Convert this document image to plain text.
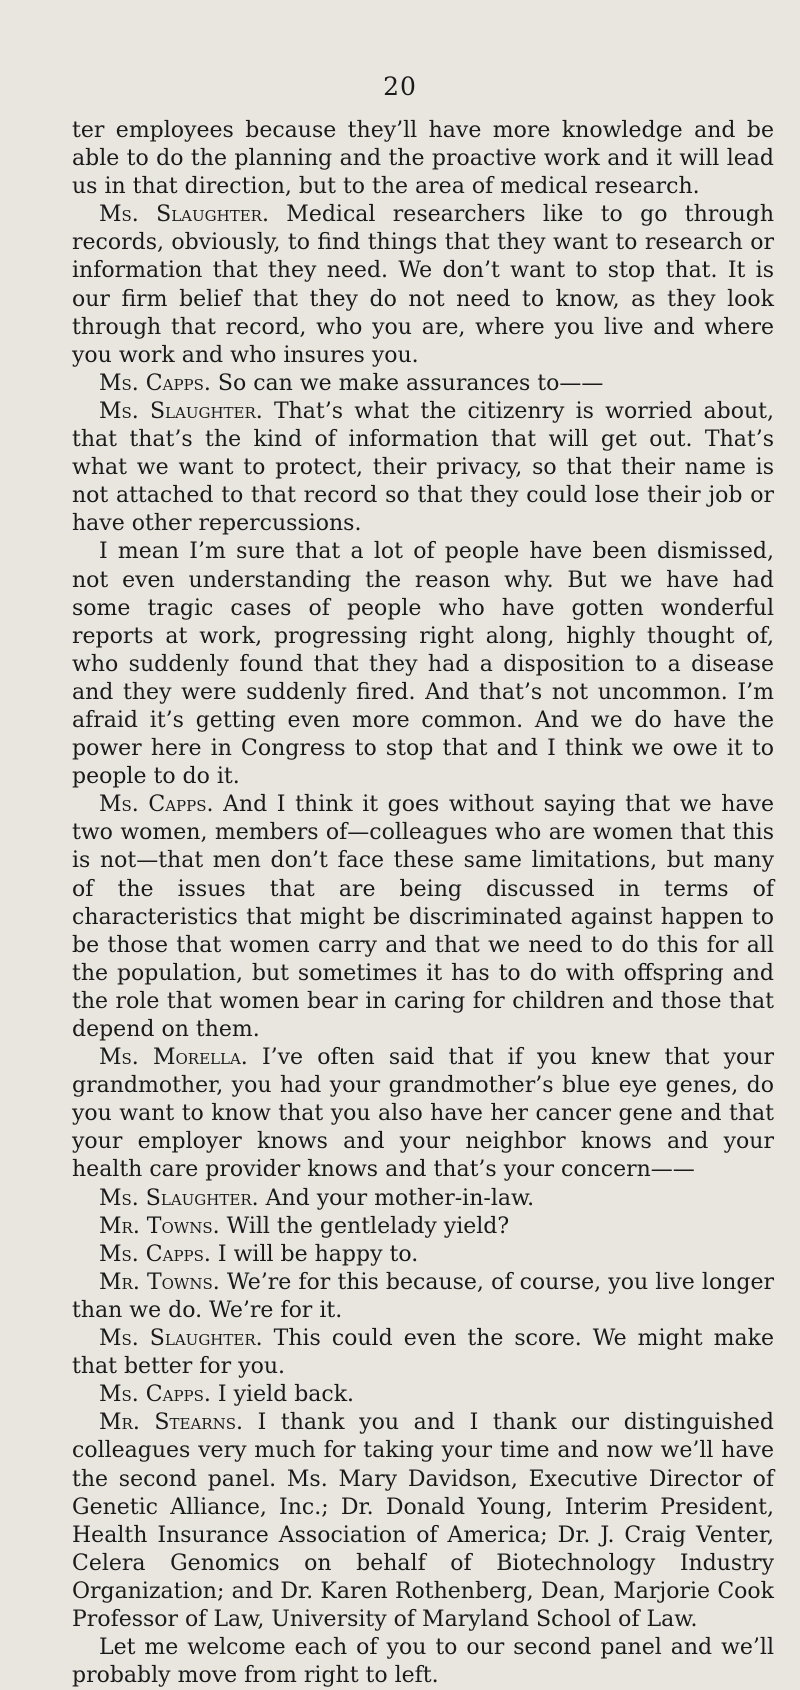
20

ter employees because they’ll have more knowledge and be able to do the planning and the proactive work and it will lead us in that direction, but to the area of medical research.

Ms. Slaughter. Medical researchers like to go through records, obviously, to find things that they want to research or information that they need. We don’t want to stop that. It is our firm belief that they do not need to know, as they look through that record, who you are, where you live and where you work and who insures you.

Ms. Capps. So can we make assurances to——

Ms. Slaughter. That’s what the citizenry is worried about, that that’s the kind of information that will get out. That’s what we want to protect, their privacy, so that their name is not attached to that record so that they could lose their job or have other repercussions.

I mean I’m sure that a lot of people have been dismissed, not even understanding the reason why. But we have had some tragic cases of people who have gotten wonderful reports at work, progressing right along, highly thought of, who suddenly found that they had a disposition to a disease and they were suddenly fired. And that’s not uncommon. I’m afraid it’s getting even more common. And we do have the power here in Congress to stop that and I think we owe it to people to do it.

Ms. Capps. And I think it goes without saying that we have two women, members of—colleagues who are women that this is not—that men don’t face these same limitations, but many of the issues that are being discussed in terms of characteristics that might be discriminated against happen to be those that women carry and that we need to do this for all the population, but sometimes it has to do with offspring and the role that women bear in caring for children and those that depend on them.

Ms. Morella. I’ve often said that if you knew that your grandmother, you had your grandmother’s blue eye genes, do you want to know that you also have her cancer gene and that your employer knows and your neighbor knows and your health care provider knows and that’s your concern——

Ms. Slaughter. And your mother-in-law.

Mr. Towns. Will the gentlelady yield?

Ms. Capps. I will be happy to.

Mr. Towns. We’re for this because, of course, you live longer than we do. We’re for it.

Ms. Slaughter. This could even the score. We might make that better for you.

Ms. Capps. I yield back.

Mr. Stearns. I thank you and I thank our distinguished colleagues very much for taking your time and now we’ll have the second panel. Ms. Mary Davidson, Executive Director of Genetic Alliance, Inc.; Dr. Donald Young, Interim President, Health Insurance Association of America; Dr. J. Craig Venter, Celera Genomics on behalf of Biotechnology Industry Organization; and Dr. Karen Rothenberg, Dean, Marjorie Cook Professor of Law, University of Maryland School of Law.

Let me welcome each of you to our second panel and we’ll probably move from right to left.
